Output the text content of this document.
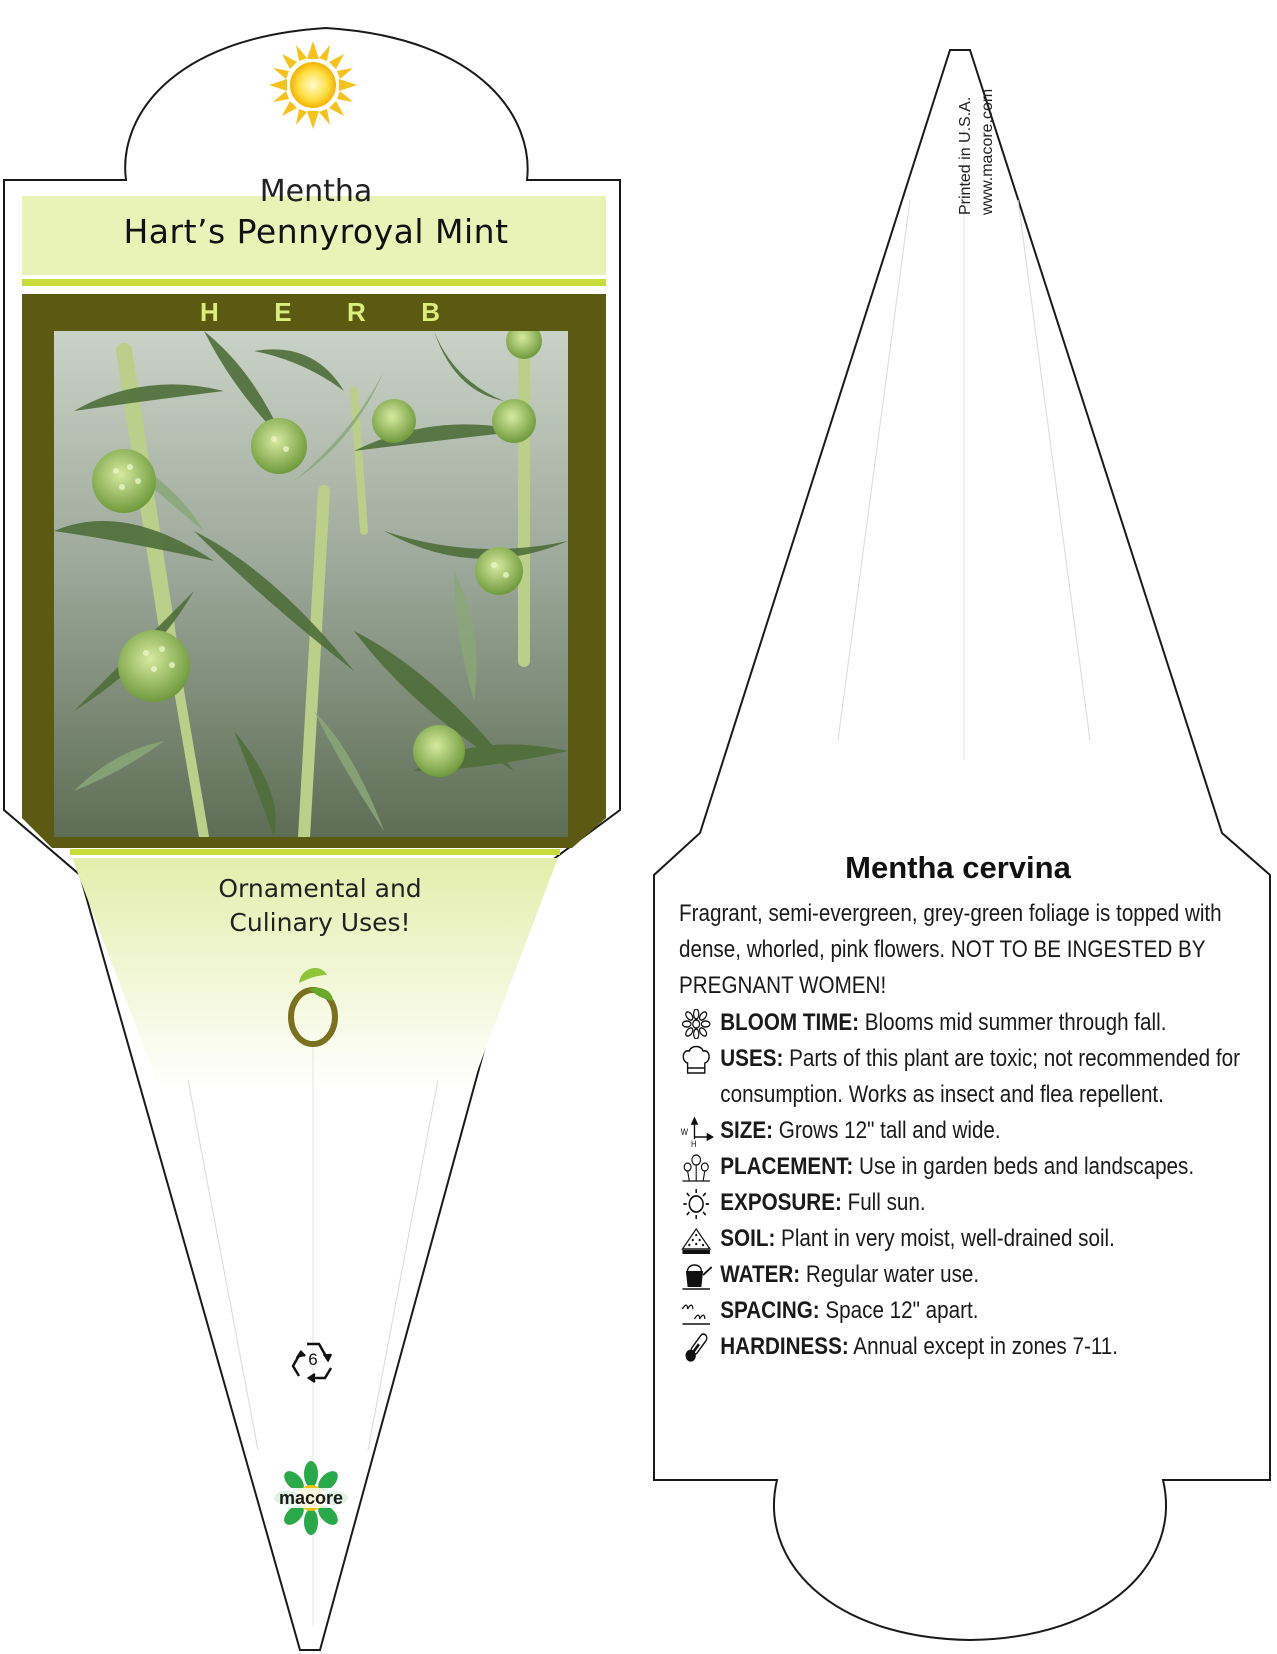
Mentha
Hart’s Pennyroyal Mint
H E R B
Ornamental and
Culinary Uses!
6
macore
Printed in U.S.A. www.macore.com
Mentha cervina
Fragrant, semi-evergreen, grey-green foliage is topped with dense, whorled, pink flowers. NOT TO BE INGESTED BY PREGNANT WOMEN!

BLOOM TIME: Blooms mid summer through fall.

USES: Parts of this plant are toxic; not recommended for consumption. Works as insect and flea repellent.

W
H SIZE: Grows 12" tall and wide.

PLACEMENT: Use in garden beds and landscapes.

EXPOSURE: Full sun.

SOIL: Plant in very moist, well-drained soil.

WATER: Regular water use.

SPACING: Space 12" apart.

HARDINESS: Annual except in zones 7-11.
